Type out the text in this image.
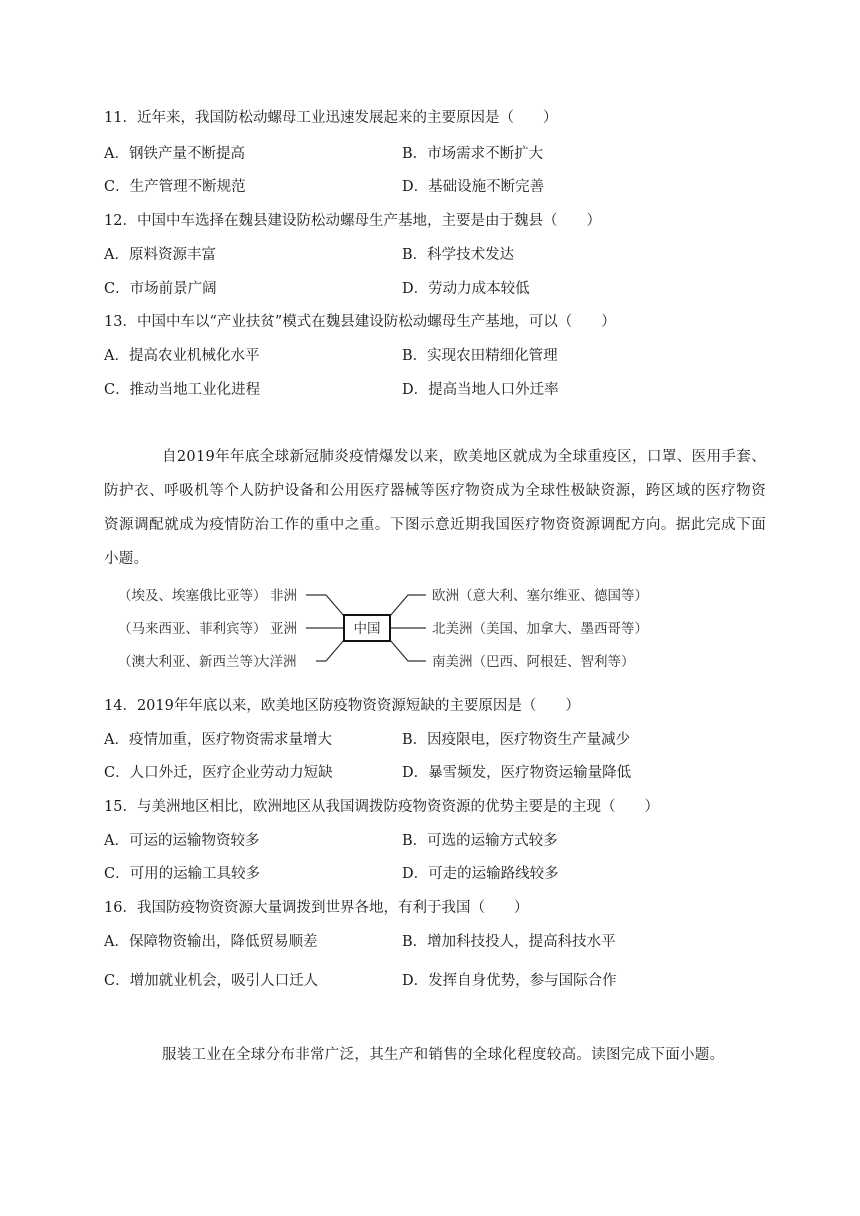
11．近年来，我国防松动螺母工业迅速发展起来的主要原因是（　　）
A．钢铁产量不断提高	B．市场需求不断扩大
C．生产管理不断规范	D．基础设施不断完善
12．中国中车选择在魏县建设防松动螺母生产基地，主要是由于魏县（　　）
A．原料资源丰富	B．科学技术发达
C．市场前景广阔	D．劳动力成本较低
13．中国中车以“产业扶贫”模式在魏县建设防松动螺母生产基地，可以（　　）
A．提高农业机械化水平	B．实现农田精细化管理
C．推动当地工业化进程	D．提高当地人口外迁率

自2019年年底全球新冠肺炎疫情爆发以来，欧美地区就成为全球重疫区，口罩、医用手套、防护衣、呼吸机等个人防护设备和公用医疗器械等医疗物资成为全球性极缺资源，跨区域的医疗物资资源调配就成为疫情防治工作的重中之重。下图示意近期我国医疗物资资源调配方向。据此完成下面小题。

（埃及、埃塞俄比亚等） 非洲
（马来西亚、菲利宾等） 亚洲
（澳大利亚、新西兰等）
大洋洲
中国
欧洲（意大利、塞尔维亚、德国等）
北美洲（美国、加拿大、墨西哥等）
南美洲（巴西、阿根廷、智利等）
14．2019年年底以来，欧美地区防疫物资资源短缺的主要原因是（　　）
A．疫情加重，医疗物资需求量增大	B．因疫限电，医疗物资生产量减少
C．人口外迁，医疗企业劳动力短缺	D．暴雪频发，医疗物资运输量降低
15．与美洲地区相比，欧洲地区从我国调拨防疫物资资源的优势主要是的主现（　　）
A．可运的运输物资较多	B．可选的运输方式较多
C．可用的运输工具较多	D．可走的运输路线较多
16．我国防疫物资资源大量调拨到世界各地，有利于我国（　　）
A．保障物资输出，降低贸易顺差	B．增加科技投人，提高科技水平
C．增加就业机会，吸引人口迁人	D．发挥自身优势，参与国际合作

服装工业在全球分布非常广泛，其生产和销售的全球化程度较高。读图完成下面小题。
